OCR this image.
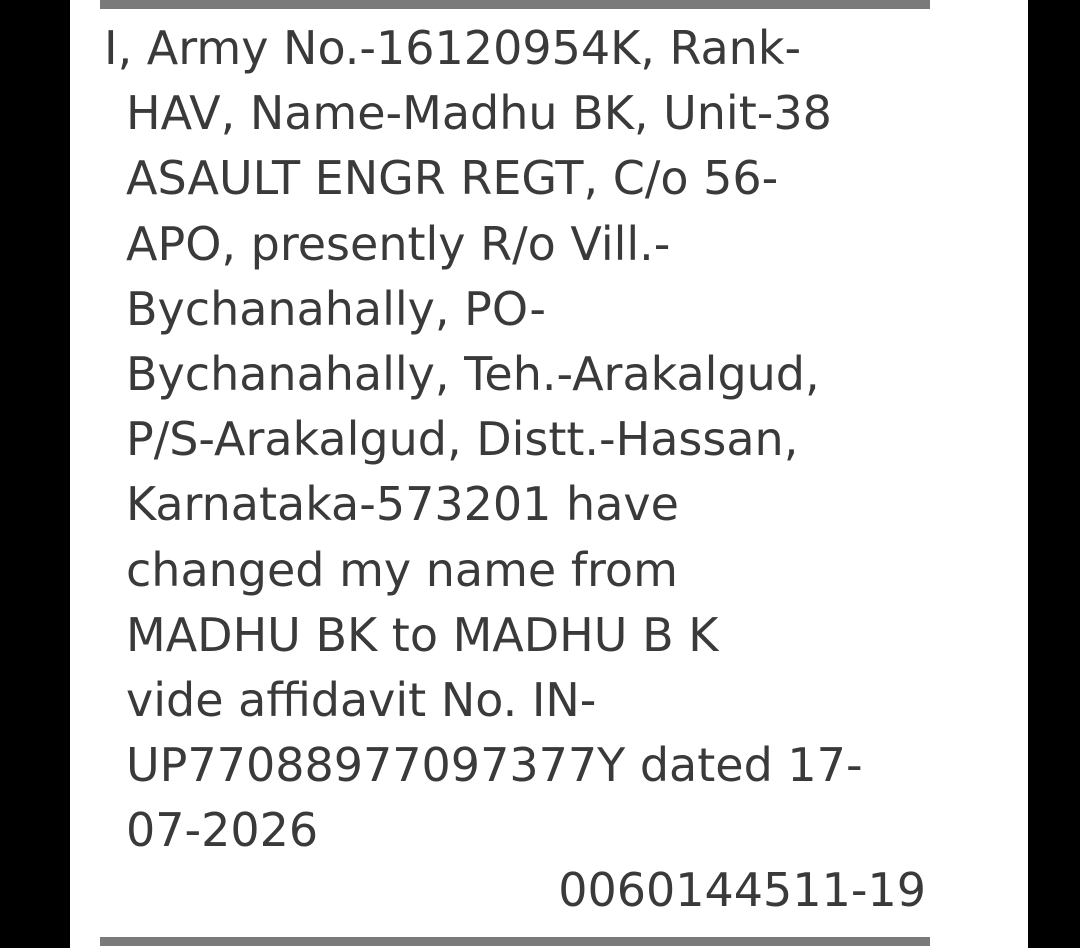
I, Army No.-16120954K, Rank-
HAV, Name-Madhu BK, Unit-38
ASAULT ENGR REGT, C/o 56-
APO, presently R/o Vill.-
Bychanahally, PO-
Bychanahally, Teh.-Arakalgud,
P/S-Arakalgud, Distt.-Hassan,
Karnataka-573201 have
changed my name from
MADHU BK to MADHU B K
vide affidavit No. IN-
UP77088977097377Y dated 17-
07-2026
0060144511-19
